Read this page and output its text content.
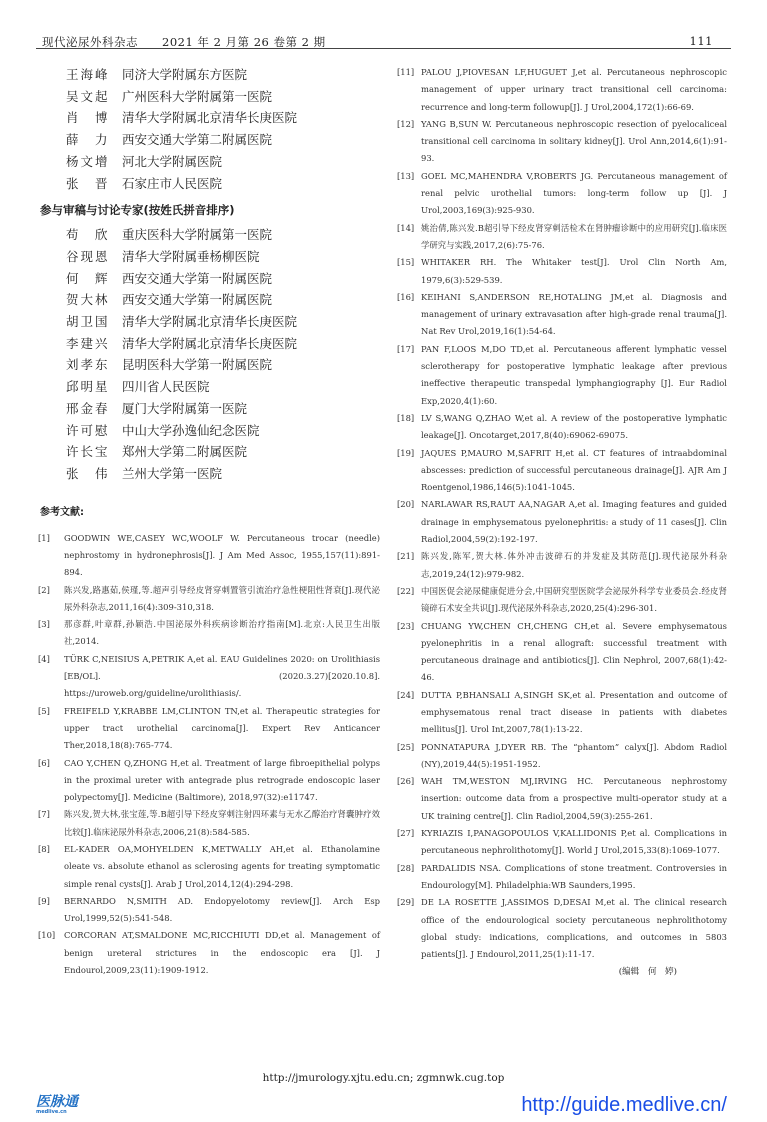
现代泌尿外科杂志　　 2021 年 2 月第 26 卷第 2 期	111
王海峰 同济大学附属东方医院
吴文起 广州医科大学附属第一医院
肖　博 清华大学附属北京清华长庚医院
薛　力 西安交通大学第二附属医院
杨文增 河北大学附属医院
张　晋 石家庄市人民医院
参与审稿与讨论专家(按姓氏拼音排序)
苟　欣 重庆医科大学附属第一医院
谷现恩 清华大学附属垂杨柳医院
何　辉 西安交通大学第一附属医院
贺大林 西安交通大学第一附属医院
胡卫国 清华大学附属北京清华长庚医院
李建兴 清华大学附属北京清华长庚医院
刘孝东 昆明医科大学第一附属医院
邱明星 四川省人民医院
邢金春 厦门大学附属第一医院
许可慰 中山大学孙逸仙纪念医院
许长宝 郑州大学第二附属医院
张　伟 兰州大学第一医院
参考文献:
[1] GOODWIN WE,CASEY WC,WOOLF W. Percutaneous trocar (needle) nephrostomy in hydronephrosis[J]. J Am Med Assoc, 1955,157(11):891-894.
[2] 陈兴发,路惠茹,侯瑾,等.超声引导经皮肾穿刺置管引流治疗急性梗阻性肾衰[J].现代泌尿外科杂志,2011,16(4):309-310,318.
[3] 那彦群,叶章群,孙颖浩.中国泌尿外科疾病诊断治疗指南[M].北京:人民卫生出版社,2014.
[4] TÜRK C,NEISIUS A,PETRIK A,et al. EAU Guidelines 2020: on Urolithiasis [EB/OL]. (2020.3.27)[2020.10.8]. https://uroweb.org/guideline/urolithiasis/.
[5] FREIFELD Y,KRABBE LM,CLINTON TN,et al. Therapeutic strategies for upper tract urothelial carcinoma[J]. Expert Rev Anticancer Ther,2018,18(8):765-774.
[6] CAO Y,CHEN Q,ZHONG H,et al. Treatment of large fibroepithelial polyps in the proximal ureter with antegrade plus retrograde endoscopic laser polypectomy[J]. Medicine (Baltimore), 2018,97(32):e11747.
[7] 陈兴发,贺大林,张宝莲,等.B超引导下经皮穿刺注射四环素与无水乙醇治疗肾囊肿疗效比较[J].临床泌尿外科杂志,2006,21(8):584-585.
[8] EL-KADER OA,MOHYELDEN K,METWALLY AH,et al. Ethanolamine oleate vs. absolute ethanol as sclerosing agents for treating symptomatic simple renal cysts[J]. Arab J Urol,2014,12(4):294-298.
[9] BERNARDO N,SMITH AD. Endopyelotomy review[J]. Arch Esp Urol,1999,52(5):541-548.
[10] CORCORAN AT,SMALDONE MC,RICCHIUTI DD,et al. Management of benign ureteral strictures in the endoscopic era [J]. J Endourol,2009,23(11):1909-1912.
[11] PALOU J,PIOVESAN LF,HUGUET J,et al. Percutaneous nephroscopic management of upper urinary tract transitional cell carcinoma: recurrence and long-term followup[J]. J Urol,2004,172(1):66-69.
[12] YANG B,SUN W. Percutaneous nephroscopic resection of pyelocaliceal transitional cell carcinoma in solitary kidney[J]. Urol Ann,2014,6(1):91-93.
[13] GOEL MC,MAHENDRA V,ROBERTS JG. Percutaneous management of renal pelvic urothelial tumors: long-term follow up [J]. J Urol,2003,169(3):925-930.
[14] 姚治倩,陈兴发.B超引导下经皮肾穿刺活检术在肾肿瘤诊断中的应用研究[J].临床医学研究与实践,2017,2(6):75-76.
[15] WHITAKER RH. The Whitaker test[J]. Urol Clin North Am, 1979,6(3):529-539.
[16] KEIHANI S,ANDERSON RE,HOTALING JM,et al. Diagnosis and management of urinary extravasation after high-grade renal trauma[J]. Nat Rev Urol,2019,16(1):54-64.
[17] PAN F,LOOS M,DO TD,et al. Percutaneous afferent lymphatic vessel sclerotherapy for postoperative lymphatic leakage after previous ineffective therapeutic transpedal lymphangiography [J]. Eur Radiol Exp,2020,4(1):60.
[18] LV S,WANG Q,ZHAO W,et al. A review of the postoperative lymphatic leakage[J]. Oncotarget,2017,8(40):69062-69075.
[19] JAQUES P,MAURO M,SAFRIT H,et al. CT features of intraabdominal abscesses: prediction of successful percutaneous drainage[J]. AJR Am J Roentgenol,1986,146(5):1041-1045.
[20] NARLAWAR RS,RAUT AA,NAGAR A,et al. Imaging features and guided drainage in emphysematous pyelonephritis: a study of 11 cases[J]. Clin Radiol,2004,59(2):192-197.
[21] 陈兴发,陈军,贺大林.体外冲击波碎石的并发症及其防范[J].现代泌尿外科杂志,2019,24(12):979-982.
[22] 中国医促会泌尿健康促进分会,中国研究型医院学会泌尿外科学专业委员会.经皮肾镜碎石术安全共识[J].现代泌尿外科杂志,2020,25(4):296-301.
[23] CHUANG YW,CHEN CH,CHENG CH,et al. Severe emphysematous pyelonephritis in a renal allograft: successful treatment with percutaneous drainage and antibiotics[J]. Clin Nephrol, 2007,68(1):42-46.
[24] DUTTA P,BHANSALI A,SINGH SK,et al. Presentation and outcome of emphysematous renal tract disease in patients with diabetes mellitus[J]. Urol Int,2007,78(1):13-22.
[25] PONNATAPURA J,DYER RB. The “phantom” calyx[J]. Abdom Radiol (NY),2019,44(5):1951-1952.
[26] WAH TM,WESTON MJ,IRVING HC. Percutaneous nephrostomy insertion: outcome data from a prospective multi-operator study at a UK training centre[J]. Clin Radiol,2004,59(3):255-261.
[27] KYRIAZIS I,PANAGOPOULOS V,KALLIDONIS P,et al. Complications in percutaneous nephrolithotomy[J]. World J Urol,2015,33(8):1069-1077.
[28] PARDALIDIS NSA. Complications of stone treatment. Controversies in Endourology[M]. Philadelphia:WB Saunders,1995.
[29] DE LA ROSETTE J,ASSIMOS D,DESAI M,et al. The clinical research office of the endourological society percutaneous nephrolithotomy global study: indications, complications, and outcomes in 5803 patients[J]. J Endourol,2011,25(1):11-17.
(编辑　何　婷)
http://jmurology.xjtu.edu.cn; zgmnwk.cug.top
医脉通
medlive.cn	http://guide.medlive.cn/
